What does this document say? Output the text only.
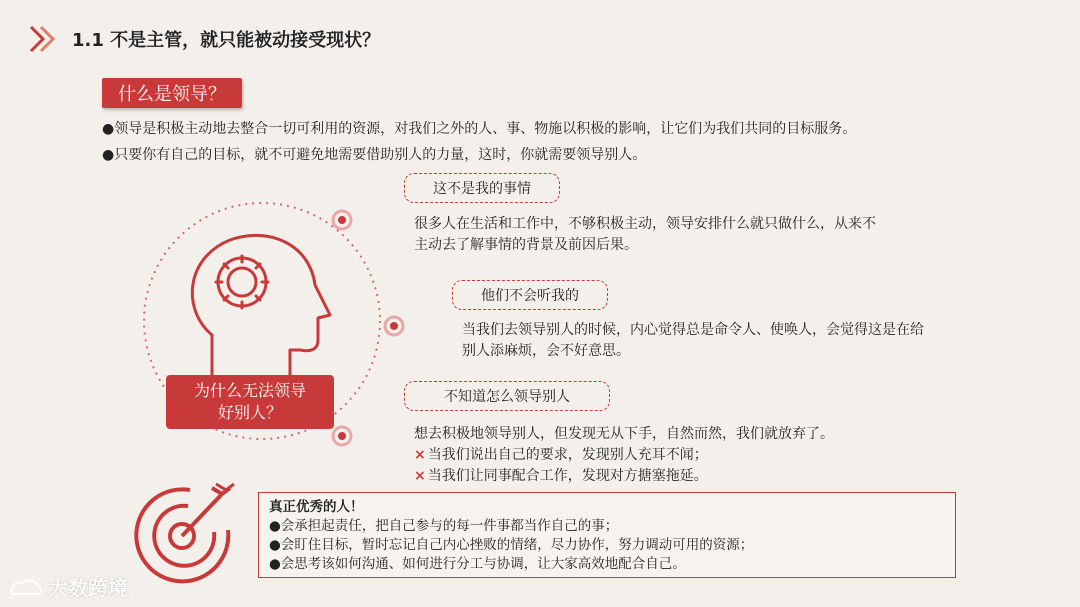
1.1 不是主管，就只能被动接受现状？
什么是领导？
●领导是积极主动地去整合一切可利用的资源，对我们之外的人、事、物施以积极的影响，让它们为我们共同的目标服务。
●只要你有自己的目标，就不可避免地需要借助别人的力量，这时，你就需要领导别人。
为什么无法领导
好别人？
这不是我的事情
很多人在生活和工作中，不够积极主动，领导安排什么就只做什么，从来不
主动去了解事情的背景及前因后果。
他们不会听我的
当我们去领导别人的时候，内心觉得总是命令人、使唤人，会觉得这是在给
别人添麻烦，会不好意思。
不知道怎么领导别人
想去积极地领导别人，但发现无从下手，自然而然，我们就放弃了。
× 当我们说出自己的要求，发现别人充耳不闻；
× 当我们让同事配合工作，发现对方搪塞拖延。
真正优秀的人！
●会承担起责任，把自己参与的每一件事都当作自己的事；
●会盯住目标，暂时忘记自己内心挫败的情绪，尽力协作，努力调动可用的资源；
●会思考该如何沟通、如何进行分工与协调，让大家高效地配合自己。
大数跨境
